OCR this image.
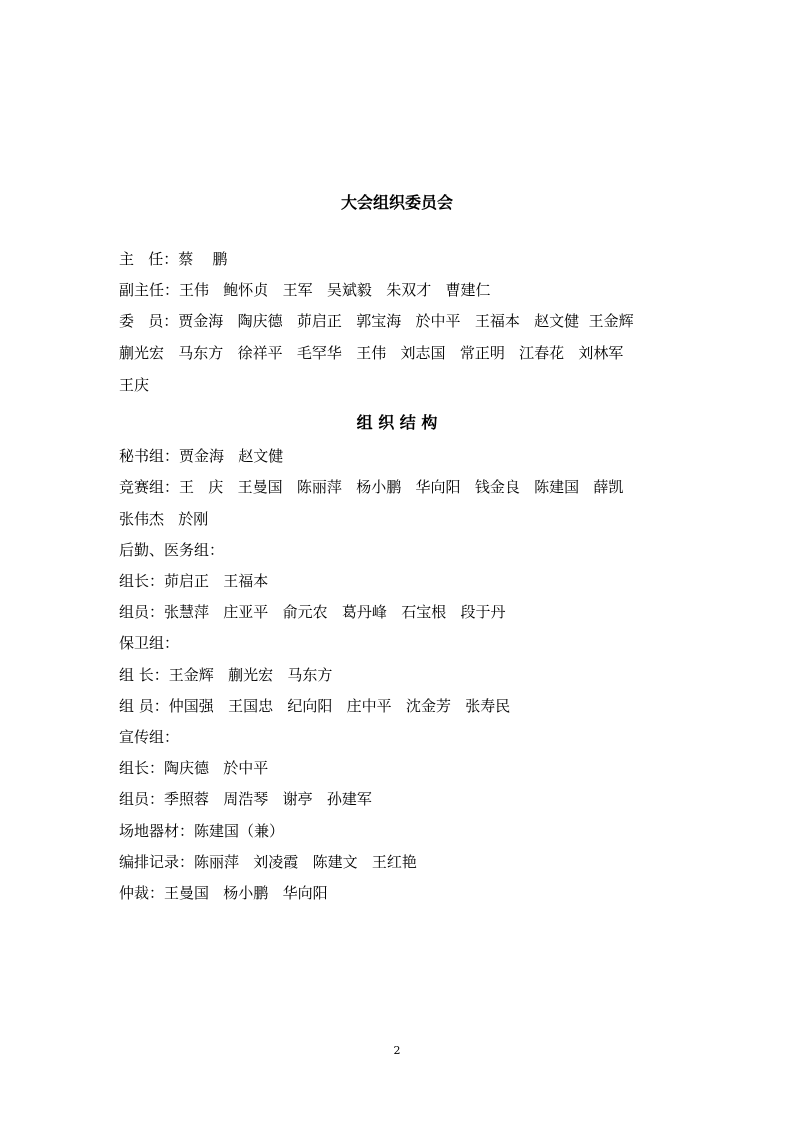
大会组织委员会
主   任：蔡    鹏
副主任：王伟   鲍怀贞   王军   吴斌毅   朱双才   曹建仁
委   员：贾金海   陶庆德   茆启正   郭宝海   於中平   王福本   赵文健  王金辉
蒯光宏   马东方   徐祥平   毛罕华   王伟   刘志国   常正明   江春花   刘林军
王庆
组 织 结 构
秘书组：贾金海   赵文健
竞赛组：王   庆   王曼国   陈丽萍   杨小鹏   华向阳   钱金良   陈建国   薛凯
张伟杰   於刚
后勤、医务组：
组长：茆启正   王福本
组员：张慧萍   庄亚平   俞元农   葛丹峰   石宝根   段于丹
保卫组：
组 长：王金辉   蒯光宏   马东方
组 员：仲国强   王国忠   纪向阳   庄中平   沈金芳   张寿民
宣传组：
组长：陶庆德   於中平
组员：季照蓉   周浩琴   谢亭   孙建军
场地器材：陈建国（兼）
编排记录：陈丽萍   刘凌霞   陈建文   王红艳
仲裁：王曼国   杨小鹏   华向阳
2
